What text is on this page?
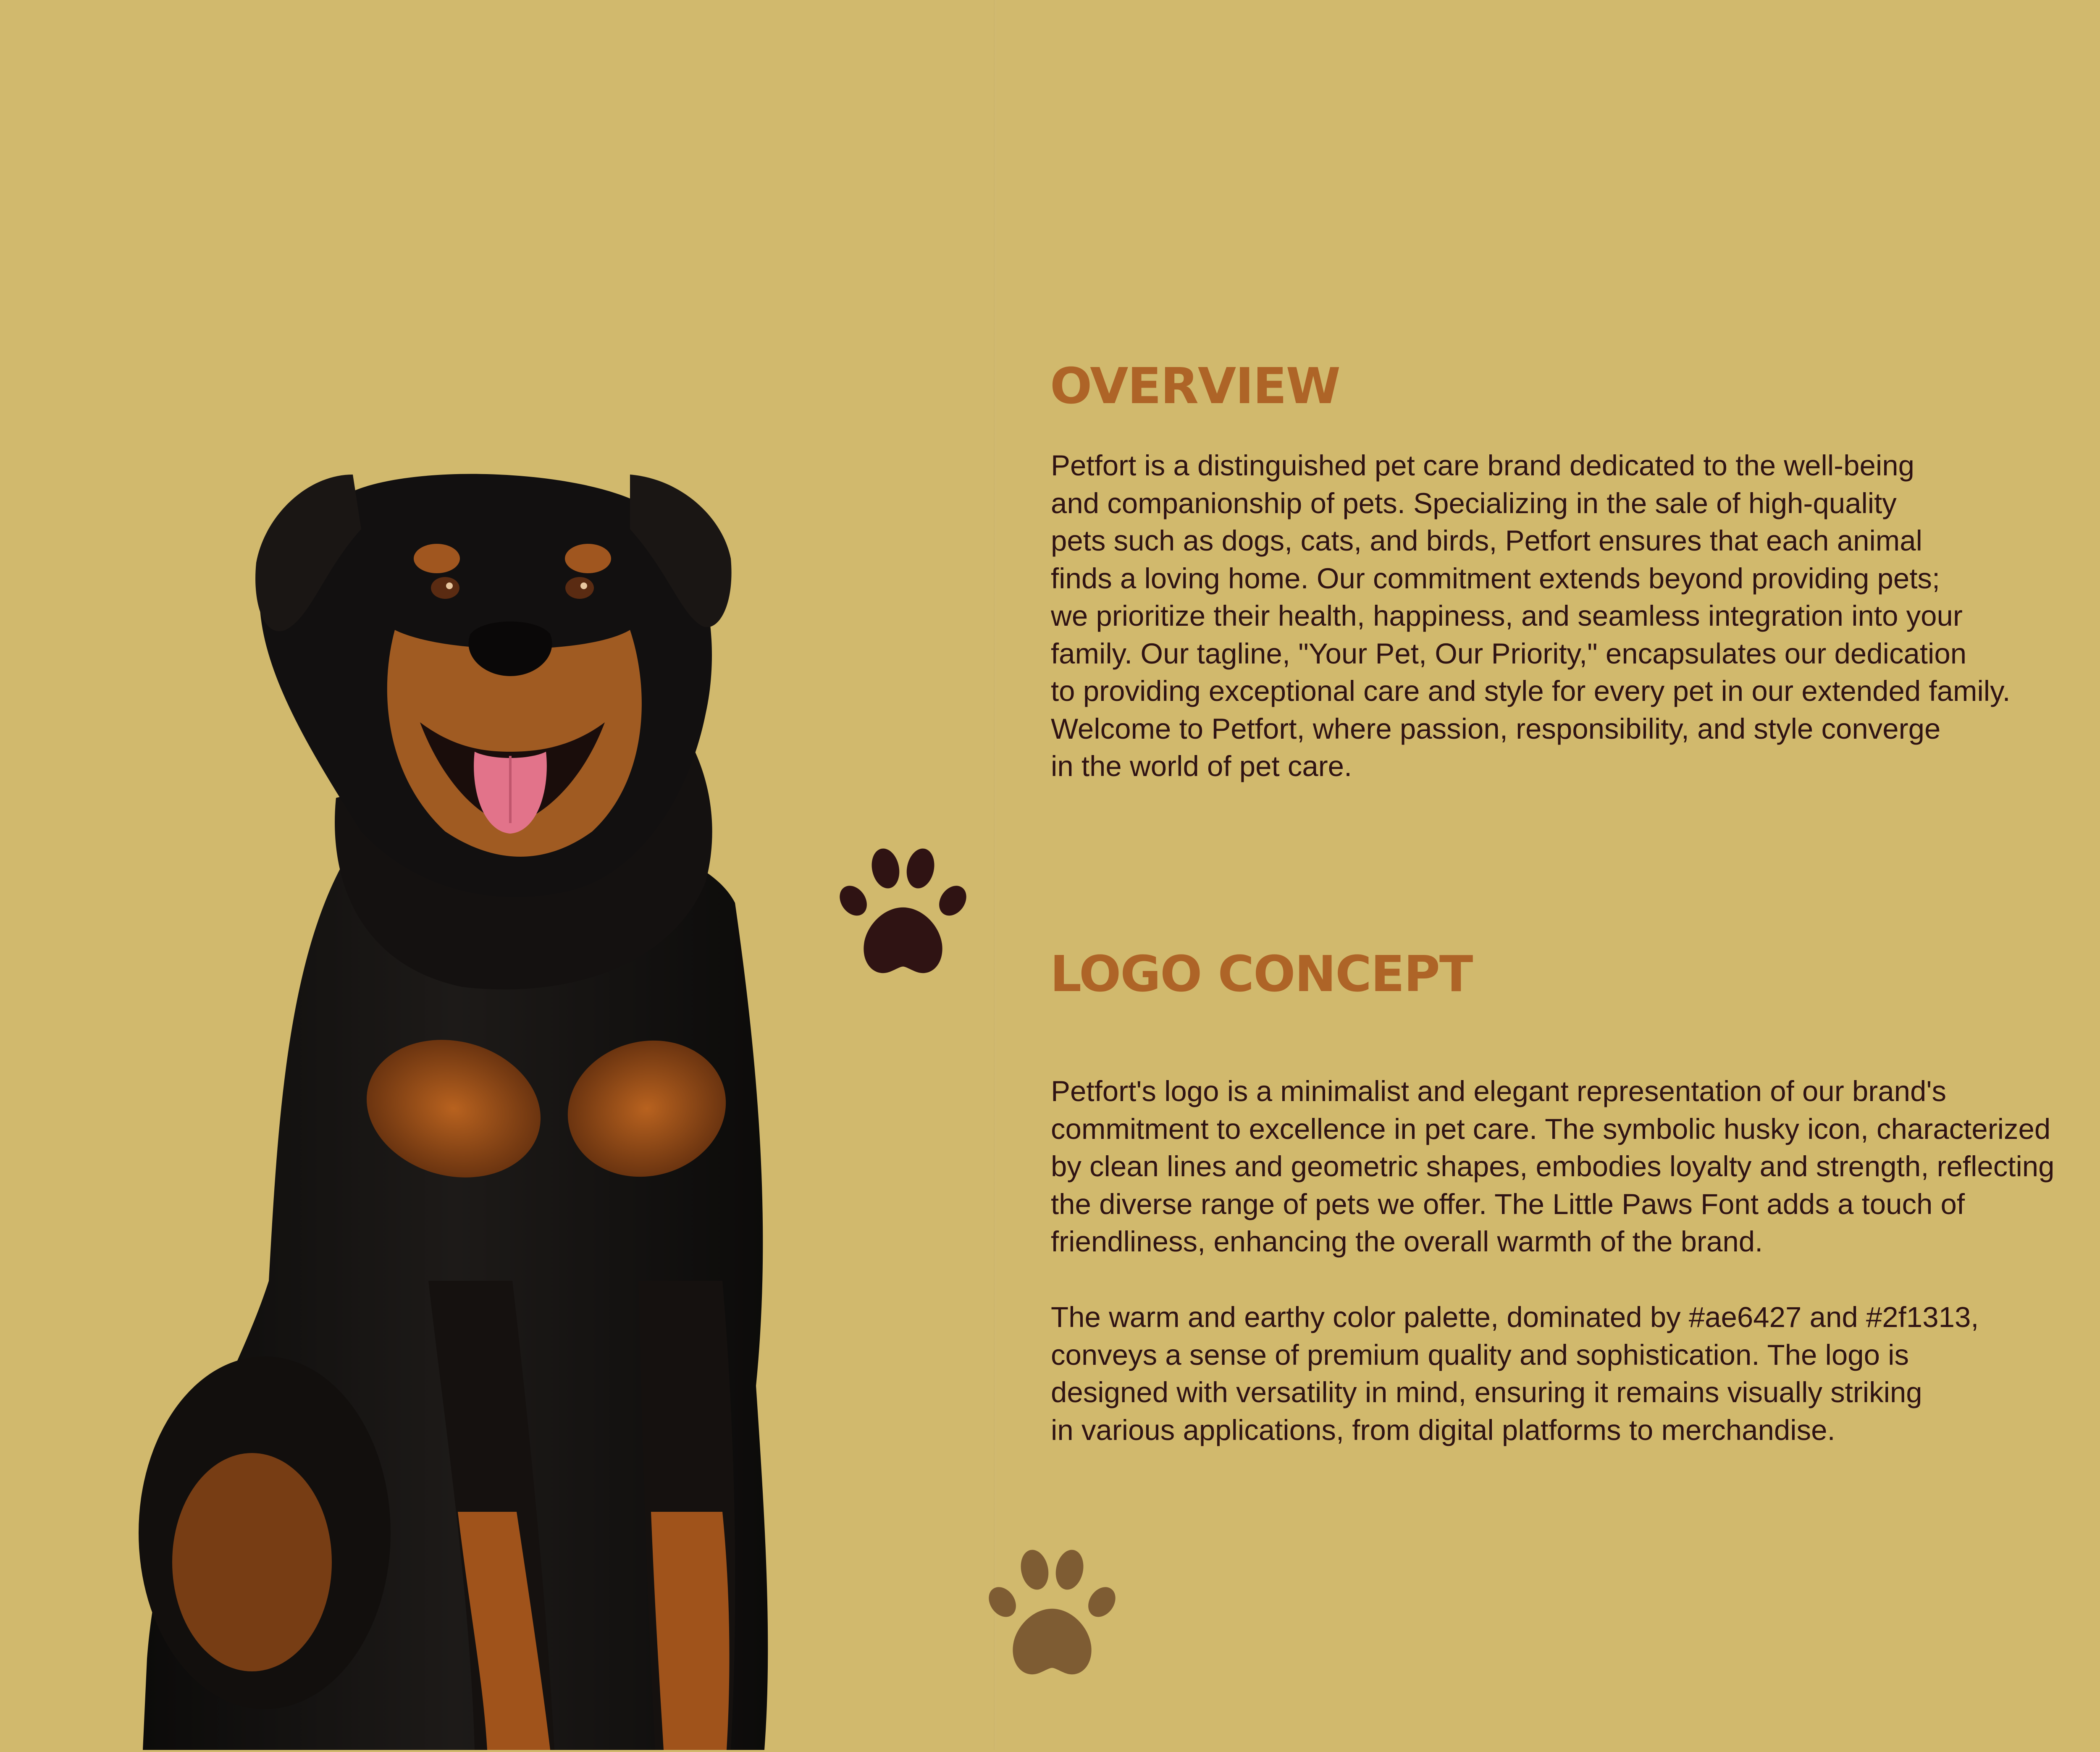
OVERVIEW

Petfort is a distinguished pet care brand dedicated to the well-being
and companionship of pets. Specializing in the sale of high-quality
pets such as dogs, cats, and birds, Petfort ensures that each animal
finds a loving home. Our commitment extends beyond providing pets;
we prioritize their health, happiness, and seamless integration into your
family. Our tagline, "Your Pet, Our Priority," encapsulates our dedication
to providing exceptional care and style for every pet in our extended family.
Welcome to Petfort, where passion, responsibility, and style converge
in the world of pet care.

LOGO CONCEPT

Petfort's logo is a minimalist and elegant representation of our brand's
commitment to excellence in pet care. The symbolic husky icon, characterized
by clean lines and geometric shapes, embodies loyalty and strength, reflecting
the diverse range of pets we offer. The Little Paws Font adds a touch of
friendliness, enhancing the overall warmth of the brand.

The warm and earthy color palette, dominated by #ae6427 and #2f1313,
conveys a sense of premium quality and sophistication. The logo is
designed with versatility in mind, ensuring it remains visually striking
in various applications, from digital platforms to merchandise.
